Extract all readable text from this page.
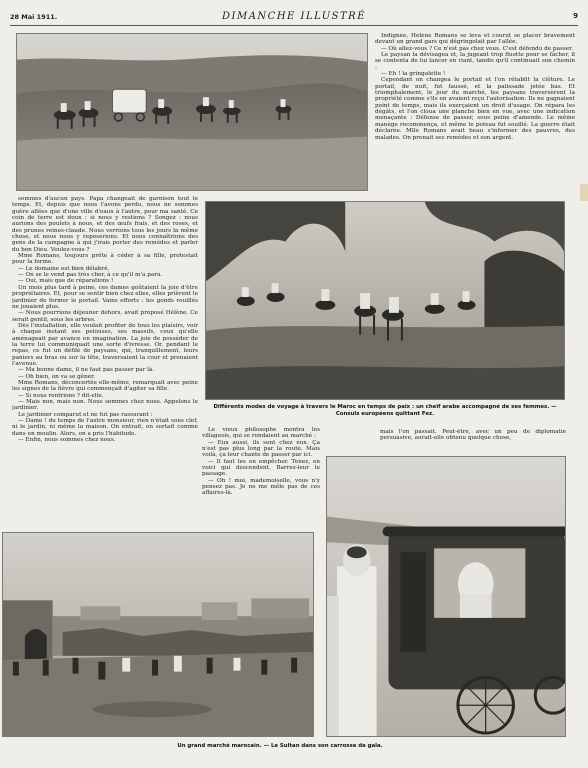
28 Mai 1911.	DIMANCHE ILLUSTRÉ	9

Indignée, Hélène Romans se leva et courut se placer bravement devant un grand gars qui dégringolait par l'allée.

— Où allez-vous ? Ce n'est pas chez vous. C'est défendu de passer.

Le paysan la dévisagea et, la jugeant trop fluette pour se fâcher, il se contenta de lui lancer en riant, tandis qu'il continuait son chemin :

— Eh ! la gringalette !

Cependant on changea le portail et l'on rétablit la clôture. Le portail, de nuit, fut faussé, et la palissade jetée bas. Et triomphalement, le jour du marché, les paysans traversèrent la propriété comme s'ils en avaient reçu l'autorisation. Ils ne gagnaient point de temps, mais ils exerçaient un droit d'usage. On répara les dégâts, et l'on cloua une planche bien en vue, avec une indication menaçante : Défense de passer, sous peine d'amende. Le même manège recommença, et même le poteau fut souillé. La guerre était déclarée. Mlle Romans avait beau s'informer des pauvres, des malades. On prenait ses remèdes et son argent.

sommes d'aucun pays. Papa changeait de garnison tout le temps. Et, depuis que nous l'avons perdu, nous ne sommes guère allées que d'une ville d'eaux à l'autre, pour ma santé. Ce coin de terre est doux : si nous y restions ? Songez : nous aurions des poulets à nous, et des œufs frais, et des roses, et des prunes reines-claude. Nous verrions tous les jours la même chose, et nous nous y reposerions. Et nous connaîtrions des gens de la campagne à qui j'irais porter des remèdes et parler du bon Dieu. Voulez-vous ?

Mme Romans, toujours prête à céder à sa fille, protestait pour la forme.

— Le domaine est bien délabré.

— On se le vend pas très cher, à ce qu'il m'a paru.

— Oui, mais que de réparations !

Un mois plus tard à peine, ces dames goûtaient la joie d'être propriétaires. Et, pour se sentir bien chez elles, elles prièrent le jardinier de fermer le portail. Vains efforts : les gonds rouillés ne jouaient plus.

— Nous pourrions déjeuner dehors, avait proposé Hélène. Ce serait gentil, sous les arbres.

Dès l'installation, elle voulait profiter de tous les plaisirs, voir à chaque instant ses pelouses, ses massifs, ceux qu'elle aménageait par avance en imagination. La joie de posséder de la terre lui communiquait une sorte d'ivresse. Or, pendant le repas, ce fut un défilé de paysans, qui, tranquillement, leurs paniers au bras ou sur la tête, traversaient la cour et prenaient l'avenue.

— Ma bonne dame, il ne faut pas passer par là.

— Oh bien, on va se gêner.

Mme Romans, déconcertée elle-même, remarquait avec peine les signes de la fièvre qui commençait d'agiter sa fille.

— Si nous rentrions ? dit-elle.

— Mais non, mais non. Nous sommes chez nous. Appelons le jardinier.

Le jardinier comparut et ne fut pas rassurant :

— Dame ! du temps de l'autre monsieur, rien n'était sous clef, ni le jardin, ni même la maison. On entrait, on sortait comme dans un moulin. Alors, on a pris l'habitude.

— Enfin, nous sommes chez nous.

Différents modes de voyage à travers le Maroc en temps de paix : un cheïf arabe accompagné de ses femmes. — Consuls européens quittant Fez.

Le vieux philosophe montra les villageois, qui se rendaient au marché :

— Eux aussi, ils sont chez eux. Ça n'est pas plus long par la route. Mais voilà, ça leur chante de passer par ici.

— Il faut les en empêcher. Tenez, en voici qui descendent. Barrez-leur le passage.

— Oh ! moi, mademoiselle, vous n'y pensez pas. Je ne me mêle pas de ces affaires-là.

mais l'on passait. Peut-être, avec un peu de diplomatie persuasive, aurait-elle obtenu quelque chose,

Un grand marché marocain. — Le Sultan dans son carrosse de gala.
